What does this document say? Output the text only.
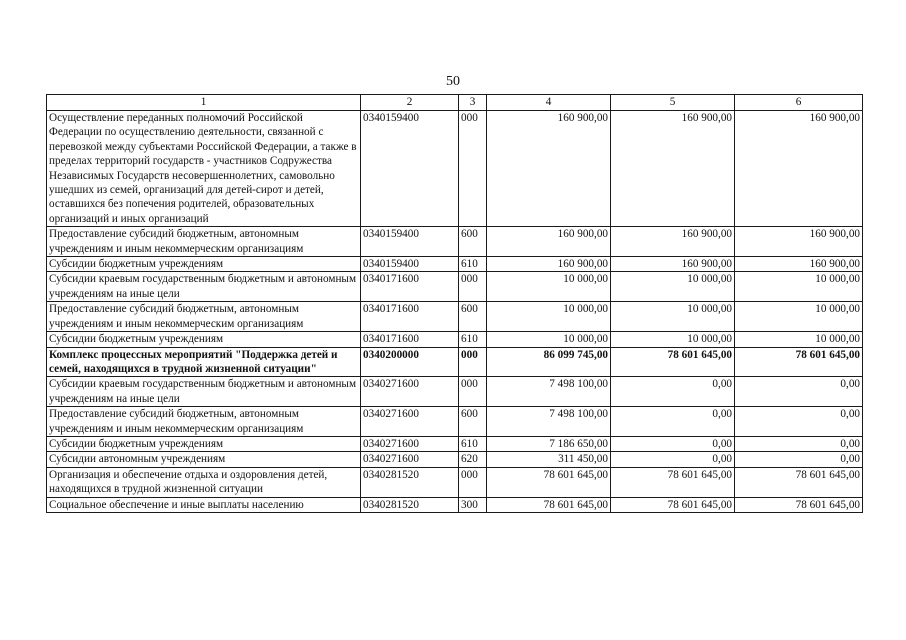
50
1	2	3	4	5	6
Осуществление переданных полномочий Российской Федерации по осуществлению деятельности, связанной с перевозкой между субъектами Российской Федерации, а также в пределах территорий государств - участников Содружества Независимых Государств несовершеннолетних, самовольно ушедших из семей, организаций для детей-сирот и детей, оставшихся без попечения родителей, образовательных организаций и иных организаций	0340159400	000	160 900,00	160 900,00	160 900,00
Предоставление субсидий бюджетным, автономным учреждениям и иным некоммерческим организациям	0340159400	600	160 900,00	160 900,00	160 900,00
Субсидии бюджетным учреждениям	0340159400	610	160 900,00	160 900,00	160 900,00
Субсидии краевым государственным бюджетным и автономным учреждениям на иные цели	0340171600	000	10 000,00	10 000,00	10 000,00
Предоставление субсидий бюджетным, автономным учреждениям и иным некоммерческим организациям	0340171600	600	10 000,00	10 000,00	10 000,00
Субсидии бюджетным учреждениям	0340171600	610	10 000,00	10 000,00	10 000,00
Комплекс процессных мероприятий "Поддержка детей и семей, находящихся в трудной жизненной ситуации"	0340200000	000	86 099 745,00	78 601 645,00	78 601 645,00
Субсидии краевым государственным бюджетным и автономным учреждениям на иные цели	0340271600	000	7 498 100,00	0,00	0,00
Предоставление субсидий бюджетным, автономным учреждениям и иным некоммерческим организациям	0340271600	600	7 498 100,00	0,00	0,00
Субсидии бюджетным учреждениям	0340271600	610	7 186 650,00	0,00	0,00
Субсидии автономным учреждениям	0340271600	620	311 450,00	0,00	0,00
Организация и обеспечение отдыха и оздоровления детей, находящихся в трудной жизненной ситуации	0340281520	000	78 601 645,00	78 601 645,00	78 601 645,00
Социальное обеспечение и иные выплаты населению	0340281520	300	78 601 645,00	78 601 645,00	78 601 645,00
